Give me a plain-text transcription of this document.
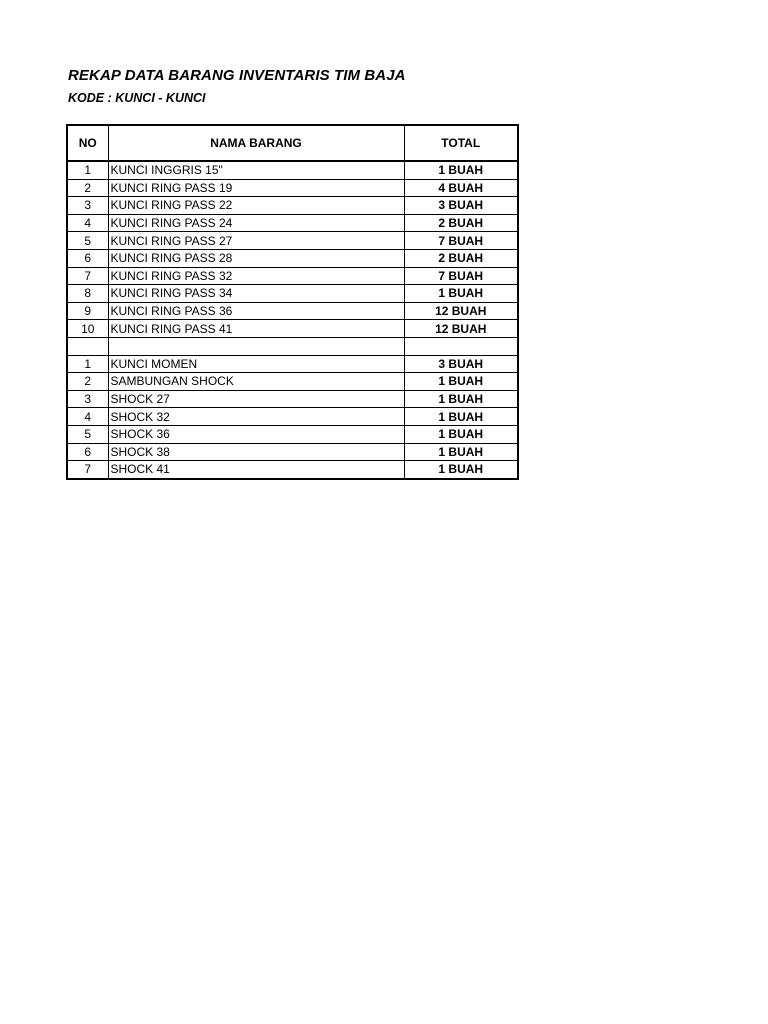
REKAP DATA BARANG INVENTARIS TIM BAJA
KODE : KUNCI - KUNCI
NO	NAMA BARANG	TOTAL
1	KUNCI INGGRIS 15"	1 BUAH
2	KUNCI RING PASS 19	4 BUAH
3	KUNCI RING PASS 22	3 BUAH
4	KUNCI RING PASS 24	2 BUAH
5	KUNCI RING PASS 27	7 BUAH
6	KUNCI RING PASS 28	2 BUAH
7	KUNCI RING PASS 32	7 BUAH
8	KUNCI RING PASS 34	1 BUAH
9	KUNCI RING PASS 36	12 BUAH
10	KUNCI RING PASS 41	12 BUAH

1	KUNCI MOMEN	3 BUAH
2	SAMBUNGAN SHOCK	1 BUAH
3	SHOCK 27	1 BUAH
4	SHOCK 32	1 BUAH
5	SHOCK 36	1 BUAH
6	SHOCK 38	1 BUAH
7	SHOCK 41	1 BUAH
